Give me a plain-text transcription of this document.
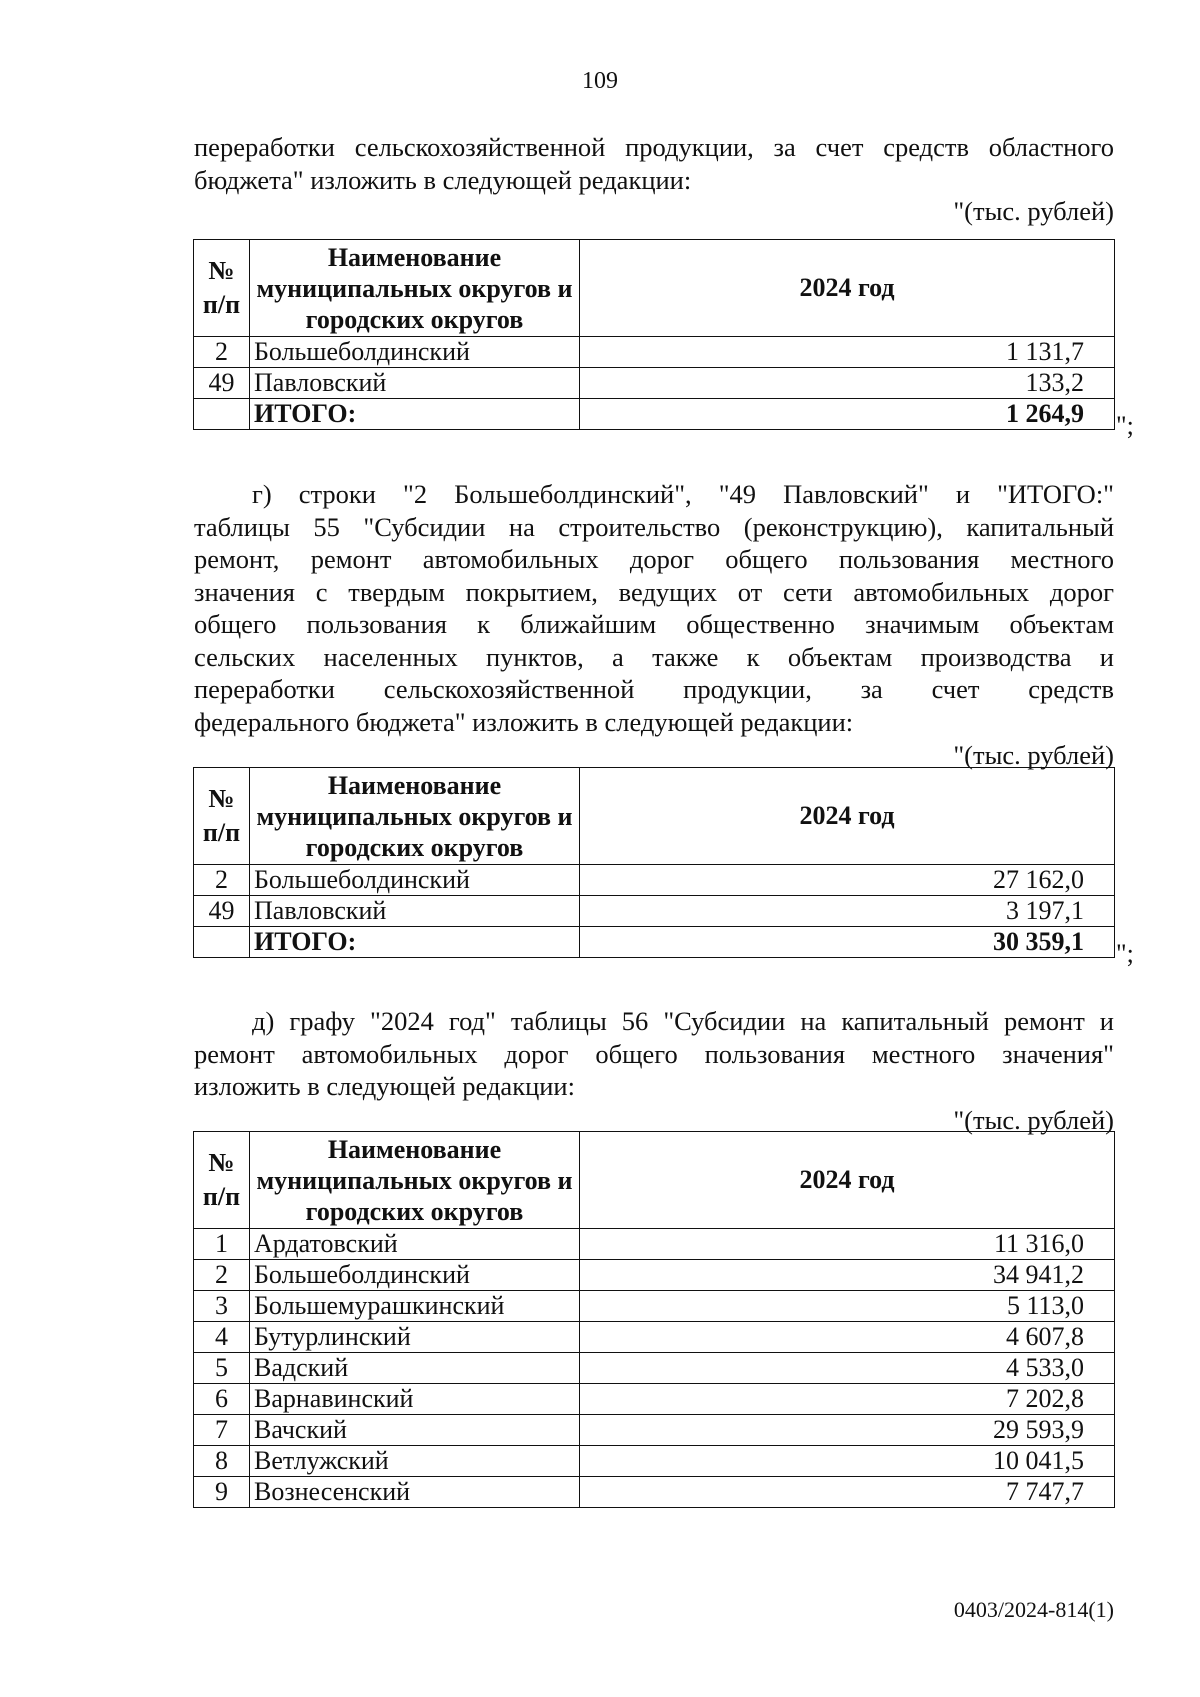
109
переработки сельскохозяйственной продукции, за счет средств областного
бюджета" изложить в следующей редакции:
"(тыс. рублей)
№ п/п	Наименование муниципальных округов и городских округов	2024 год
2	Большеболдинский	1 131,7
49	Павловский	133,2
	ИТОГО:	1 264,9 ";
г) строки "2 Большеболдинский", "49 Павловский" и "ИТОГО:"
таблицы 55 "Субсидии на строительство (реконструкцию), капитальный
ремонт, ремонт автомобильных дорог общего пользования местного
значения с твердым покрытием, ведущих от сети автомобильных дорог
общего пользования к ближайшим общественно значимым объектам
сельских населенных пунктов, а также к объектам производства и
переработки сельскохозяйственной продукции, за счет средств
федерального бюджета" изложить в следующей редакции:
"(тыс. рублей)
№ п/п	Наименование муниципальных округов и городских округов	2024 год
2	Большеболдинский	27 162,0
49	Павловский	3 197,1
	ИТОГО:	30 359,1 ";
д) графу "2024 год" таблицы 56 "Субсидии на капитальный ремонт и
ремонт автомобильных дорог общего пользования местного значения"
изложить в следующей редакции:
"(тыс. рублей)
№ п/п	Наименование муниципальных округов и городских округов	2024 год
1	Ардатовский	11 316,0
2	Большеболдинский	34 941,2
3	Большемурашкинский	5 113,0
4	Бутурлинский	4 607,8
5	Вадский	4 533,0
6	Варнавинский	7 202,8
7	Вачский	29 593,9
8	Ветлужский	10 041,5
9	Вознесенский	7 747,7
0403/2024-814(1)
